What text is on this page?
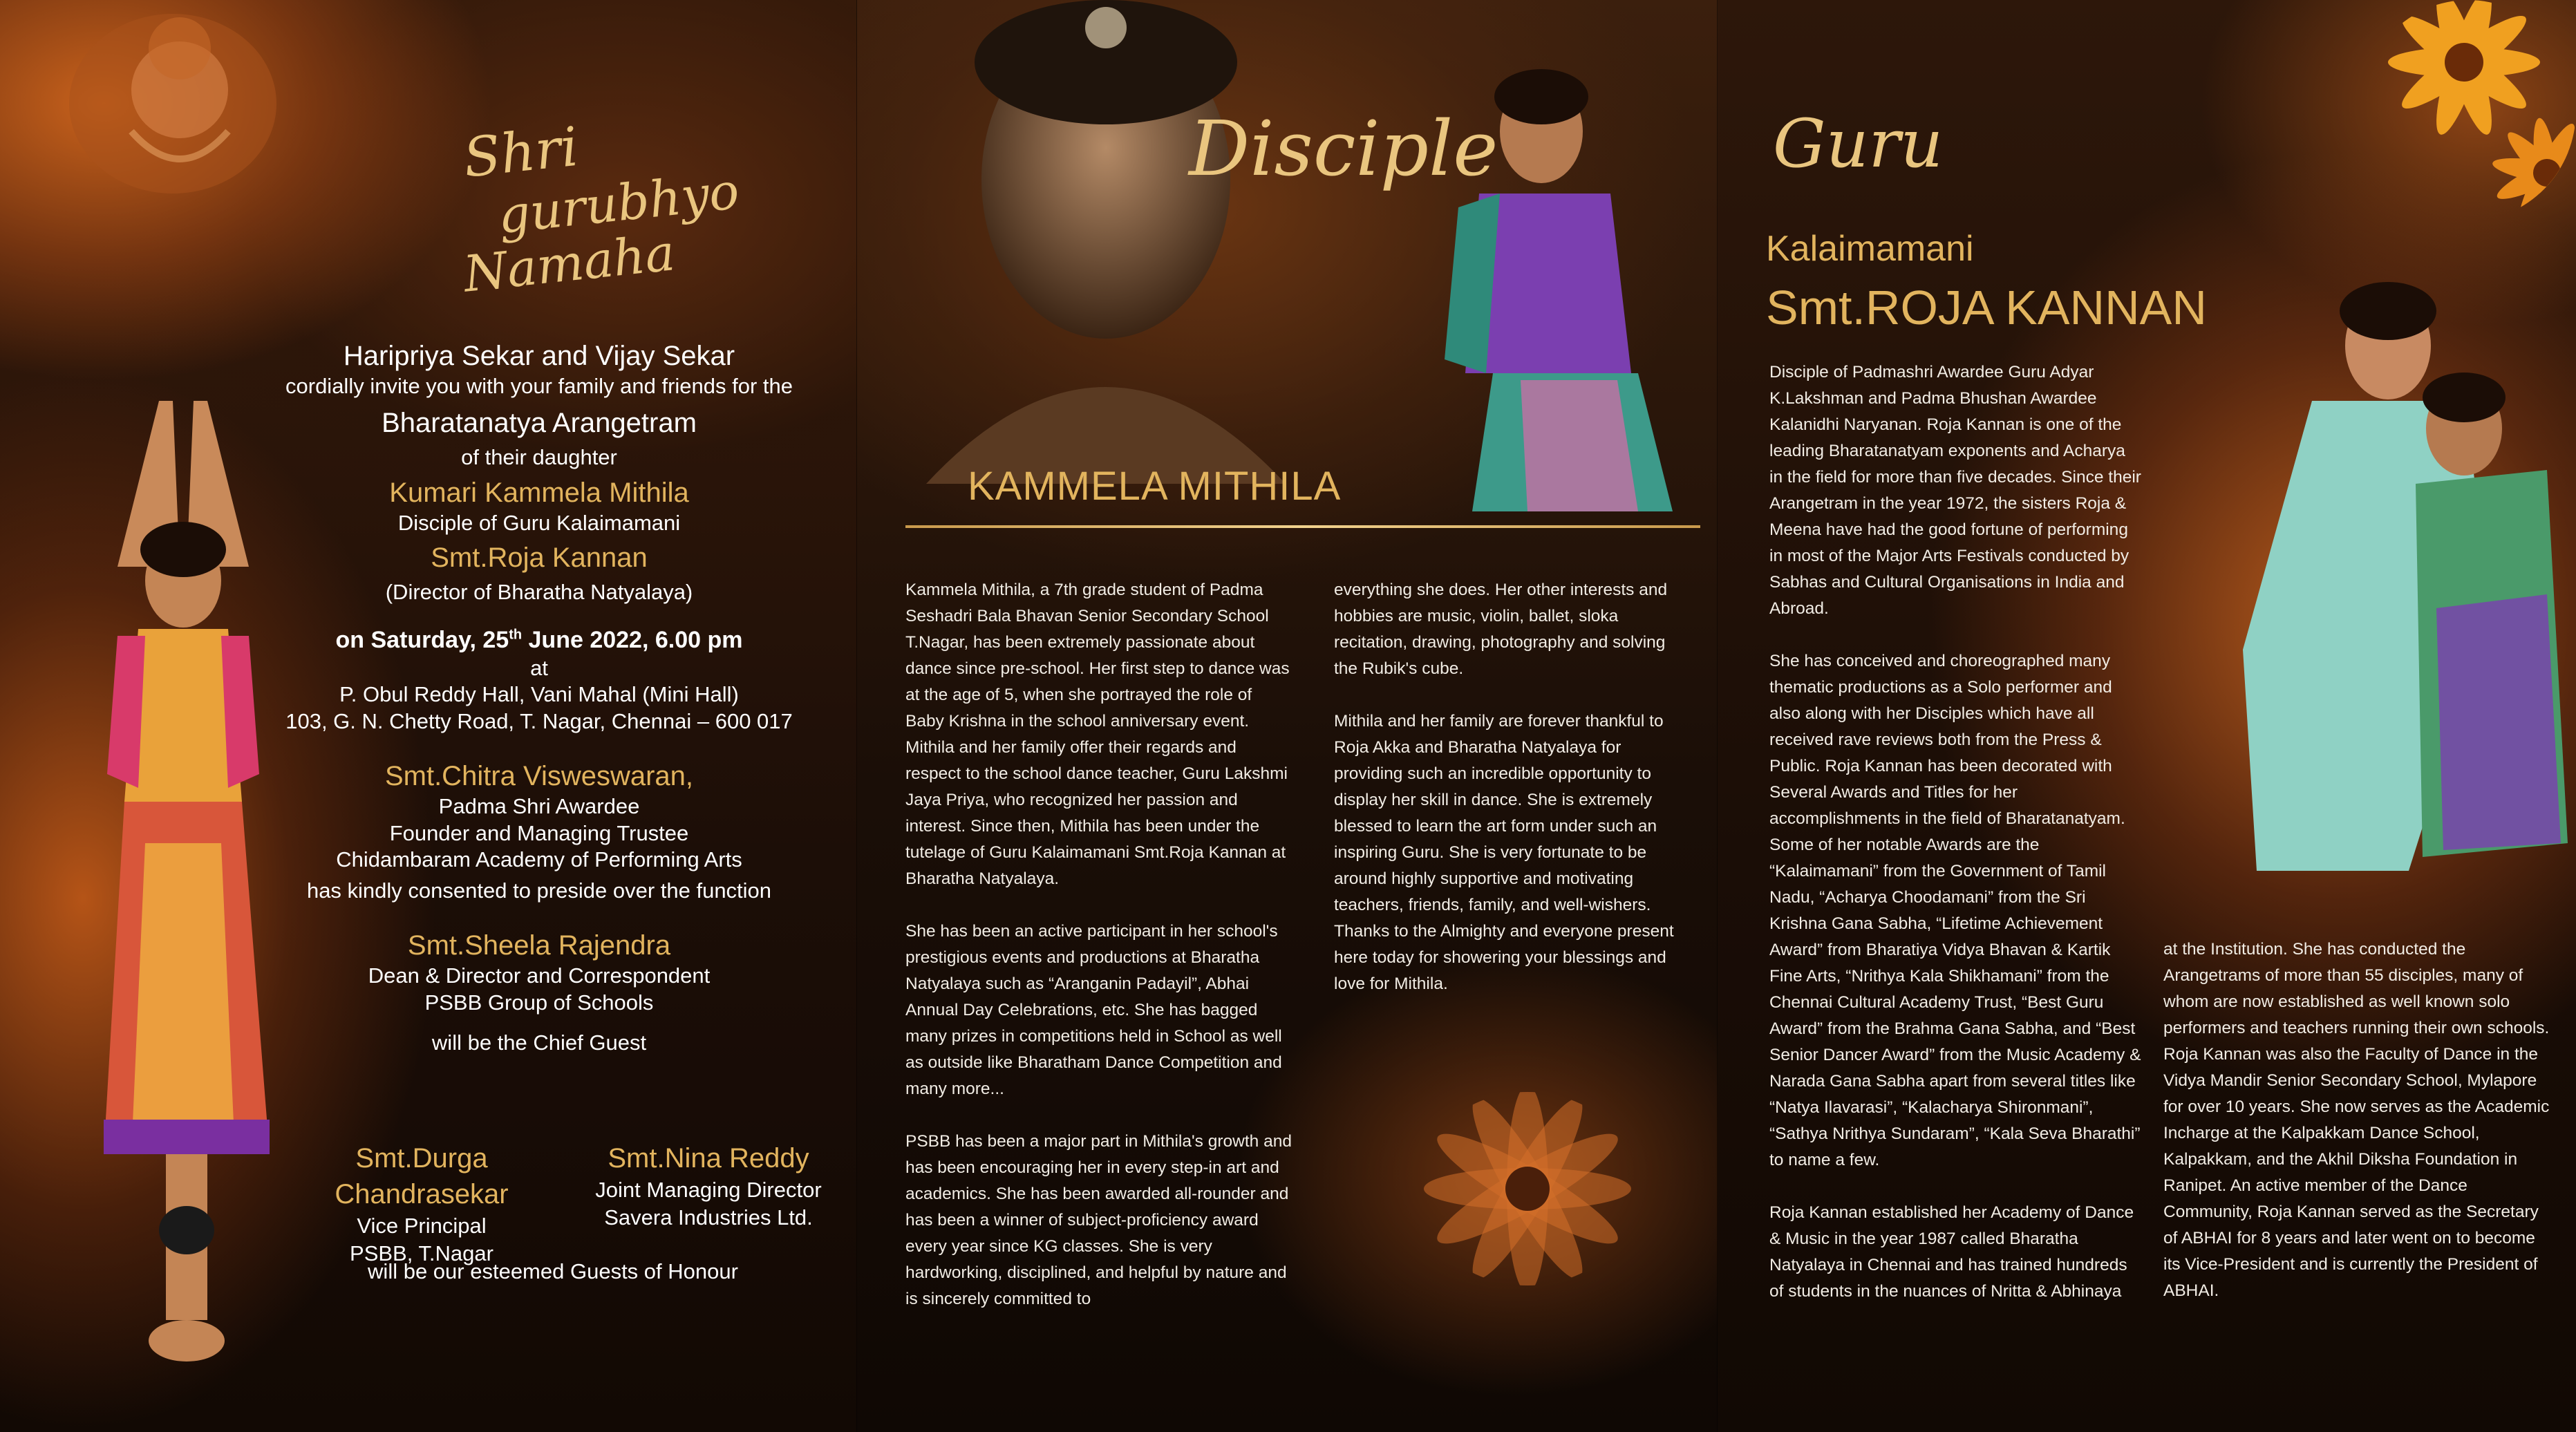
Shri
gurubhyo
Namaha
Haripriya Sekar and Vijay Sekar
cordially invite you with your family and friends for the
Bharatanatya Arangetram
of their daughter
Kumari Kammela Mithila
Disciple of Guru Kalaimamani
Smt.Roja Kannan
(Director of Bharatha Natyalaya)
on Saturday, 25th June 2022, 6.00 pm
at
P. Obul Reddy Hall, Vani Mahal (Mini Hall)
103, G. N. Chetty Road, T. Nagar, Chennai – 600 017
Smt.Chitra Visweswaran,
Padma Shri Awardee
Founder and Managing Trustee
Chidambaram Academy of Performing Arts
has kindly consented to preside over the function
Smt.Sheela Rajendra
Dean & Director and Correspondent
PSBB Group of Schools
will be the Chief Guest
Smt.Durga Chandrasekar
Vice Principal
PSBB, T.Nagar
Smt.Nina Reddy
Joint Managing Director
Savera Industries Ltd.
will be our esteemed Guests of Honour
Disciple
KAMMELA MITHILA

Kammela Mithila, a 7th grade student of Padma Seshadri Bala Bhavan Senior Secondary School T.Nagar, has been extremely passionate about dance since pre-school. Her first step to dance was at the age of 5, when she portrayed the role of Baby Krishna in the school anniversary event. Mithila and her family offer their regards and respect to the school dance teacher, Guru Lakshmi Jaya Priya, who recognized her passion and interest. Since then, Mithila has been under the tutelage of Guru Kalaimamani Smt.Roja Kannan at Bharatha Natyalaya.

She has been an active participant in her school's prestigious events and productions at Bharatha Natyalaya such as “Aranganin Padayil”, Abhai Annual Day Celebrations, etc. She has bagged many prizes in competitions held in School as well as outside like Bharatham Dance Competition and many more...

PSBB has been a major part in Mithila's growth and has been encouraging her in every step-in art and academics. She has been awarded all-rounder and has been a winner of subject-proficiency award every year since KG classes. She is very hardworking, disciplined, and helpful by nature and is sincerely committed to

everything she does. Her other interests and hobbies are music, violin, ballet, sloka recitation, drawing, photography and solving the Rubik's cube.

Mithila and her family are forever thankful to Roja Akka and Bharatha Natyalaya for providing such an incredible opportunity to display her skill in dance. She is extremely blessed to learn the art form under such an inspiring Guru. She is very fortunate to be around highly supportive and motivating teachers, friends, family, and well-wishers. Thanks to the Almighty and everyone present here today for showering your blessings and love for Mithila.

Guru
Kalaimamani
Smt.ROJA KANNAN

Disciple of Padmashri Awardee Guru Adyar K.Lakshman and Padma Bhushan Awardee Kalanidhi Naryanan. Roja Kannan is one of the leading Bharatanatyam exponents and Acharya in the field for more than five decades. Since their Arangetram in the year 1972, the sisters Roja & Meena have had the good fortune of performing in most of the Major Arts Festivals conducted by Sabhas and Cultural Organisations in India and Abroad.

She has conceived and choreographed many thematic productions as a Solo performer and also along with her Disciples which have all received rave reviews both from the Press & Public. Roja Kannan has been decorated with Several Awards and Titles for her accomplishments in the field of Bharatanatyam. Some of her notable Awards are the “Kalaimamani” from the Government of Tamil Nadu, “Acharya Choodamani” from the Sri Krishna Gana Sabha, “Lifetime Achievement Award” from Bharatiya Vidya Bhavan & Kartik Fine Arts, “Nrithya Kala Shikhamani” from the Chennai Cultural Academy Trust, “Best Guru Award” from the Brahma Gana Sabha, and “Best Senior Dancer Award” from the Music Academy & Narada Gana Sabha apart from several titles like “Natya Ilavarasi”, “Kalacharya Shironmani”, “Sathya Nrithya Sundaram”, “Kala Seva Bharathi” to name a few.

Roja Kannan established her Academy of Dance & Music in the year 1987 called Bharatha Natyalaya in Chennai and has trained hundreds of students in the nuances of Nritta & Abhinaya

at the Institution. She has conducted the Arangetrams of more than 55 disciples, many of whom are now established as well known solo performers and teachers running their own schools. Roja Kannan was also the Faculty of Dance in the Vidya Mandir Senior Secondary School, Mylapore for over 10 years. She now serves as the Academic Incharge at the Kalpakkam Dance School, Kalpakkam, and the Akhil Diksha Foundation in Ranipet. An active member of the Dance Community, Roja Kannan served as the Secretary of ABHAI for 8 years and later went on to become its Vice-President and is currently the President of ABHAI.
